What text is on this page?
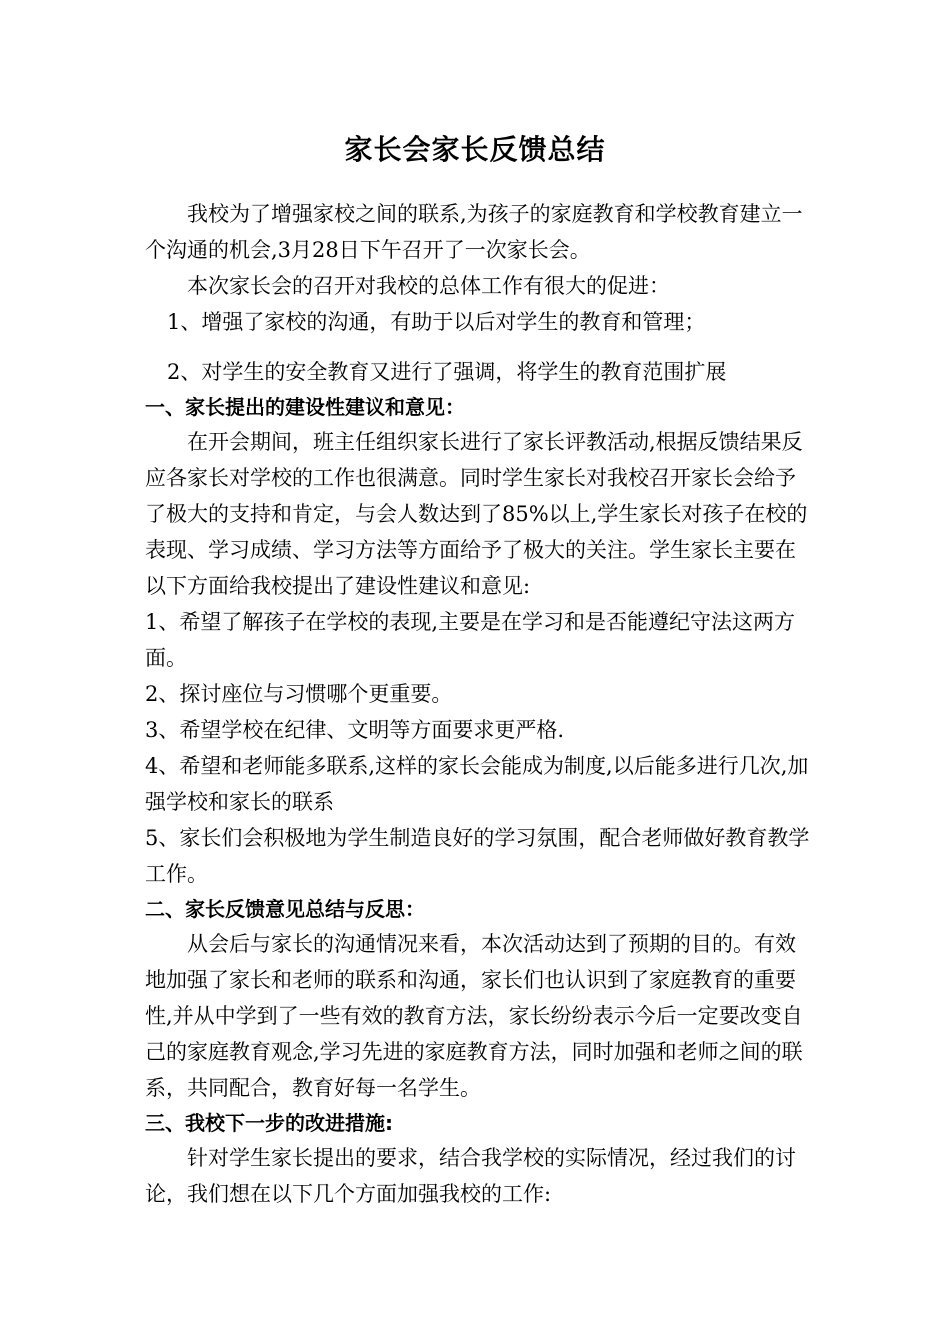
家长会家长反馈总结

我校为了增强家校之间的联系,为孩子的家庭教育和学校教育建立一个沟通的机会,3月28日下午召开了一次家长会。

本次家长会的召开对我校的总体工作有很大的促进：

1、增强了家校的沟通，有助于以后对学生的教育和管理；

2、对学生的安全教育又进行了强调，将学生的教育范围扩展

一、家长提出的建设性建议和意见：

在开会期间，班主任组织家长进行了家长评教活动,根据反馈结果反应各家长对学校的工作也很满意。同时学生家长对我校召开家长会给予了极大的支持和肯定，与会人数达到了85%以上,学生家长对孩子在校的表现、学习成绩、学习方法等方面给予了极大的关注。学生家长主要在以下方面给我校提出了建设性建议和意见:

1、希望了解孩子在学校的表现,主要是在学习和是否能遵纪守法这两方面。

2、探讨座位与习惯哪个更重要。

3、希望学校在纪律、文明等方面要求更严格.

4、希望和老师能多联系,这样的家长会能成为制度,以后能多进行几次,加强学校和家长的联系

5、家长们会积极地为学生制造良好的学习氛围，配合老师做好教育教学工作。

二、家长反馈意见总结与反思：

从会后与家长的沟通情况来看，本次活动达到了预期的目的。有效地加强了家长和老师的联系和沟通，家长们也认识到了家庭教育的重要性,并从中学到了一些有效的教育方法，家长纷纷表示今后一定要改变自己的家庭教育观念,学习先进的家庭教育方法，同时加强和老师之间的联系，共同配合，教育好每一名学生。

三、我校下一步的改进措施:

针对学生家长提出的要求，结合我学校的实际情况，经过我们的讨论，我们想在以下几个方面加强我校的工作:
